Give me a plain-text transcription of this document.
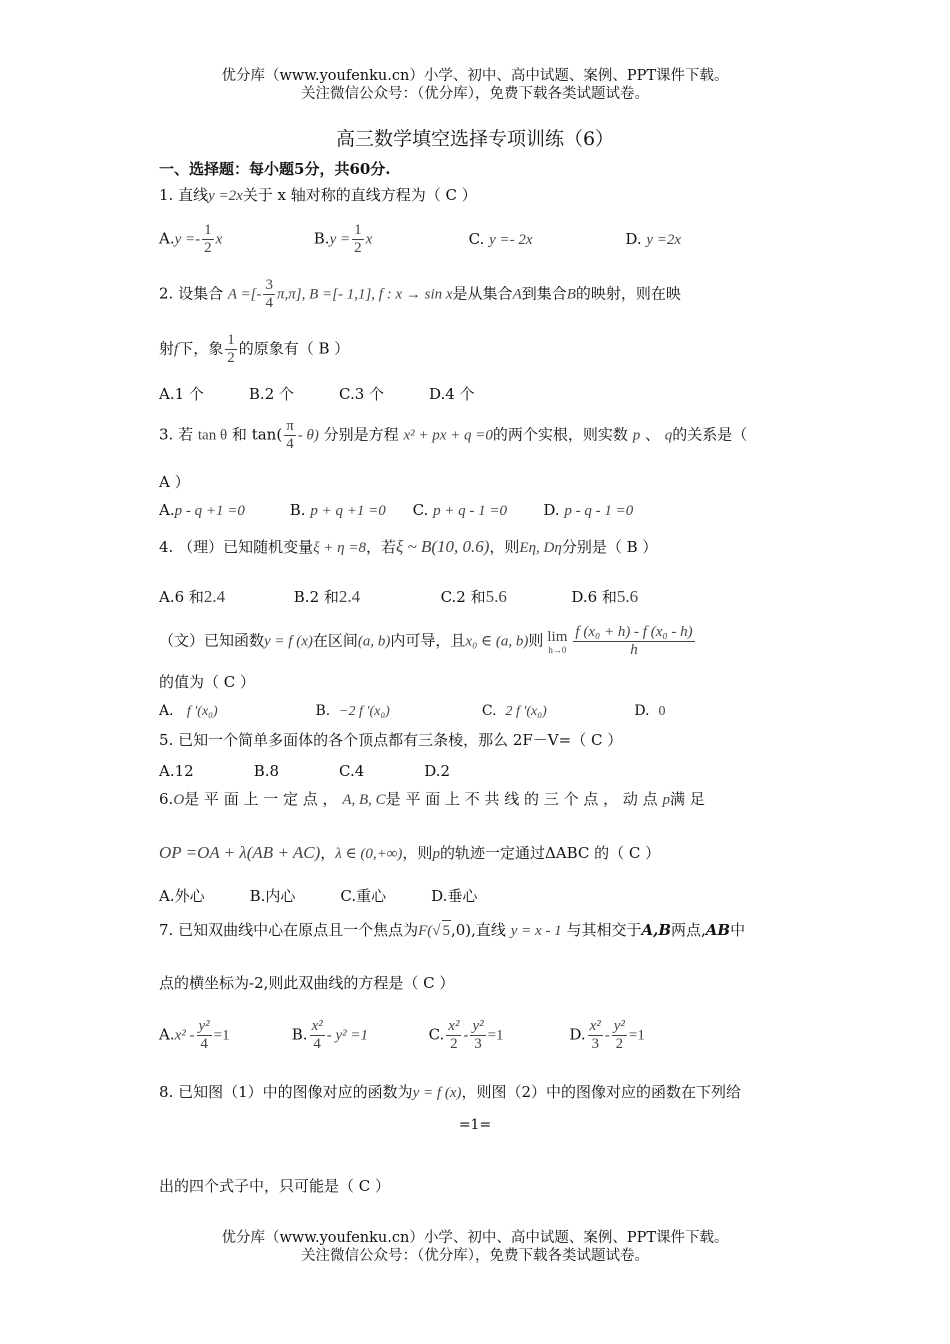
优分库（www.youfenku.cn）小学、初中、高中试题、案例、PPT课件下载。
关注微信公众号：（优分库），免费下载各类试题试卷。
高三数学填空选择专项训练（6）
一、选择题：每小题5分，共60分.
1. 直线y =2x关于 x 轴对称的直线方程为（ C ）
$A.y =- \frac{1}{2}$ x	$B.y = \frac{1}{2}$ x	C. y =- 2x	D. y =2x
2. 设集合 A =[- $\frac{3}{4} \pi,\pi$], B =[- 1,1], f : x → sin x是从集合A到集合B的映射，则在映
射f下，象 $\frac{1}{2}$ 的原象有（ B ）
A.1 个　　　B.2 个　　　C.3 个　　　D.4 个
3. 若 tan θ 和 $\tan( \frac{\pi}{4} - \theta)$ 分别是方程 x² + px + q =0的两个实根，则实数 p 、 q的关系是（
A ）
A.p - q +1 =0	B. p + q +1 =0 C. p + q - 1 =0 D. p - q - 1 =0
4. （理）已知随机变量ξ + η =8，若ξ ~ B(10, 0.6)，则Eη, Dη分别是（ B ）
A.6 和2.4	B.2 和2.4	C.2 和5.6	D.6 和5.6
（文）已知函数y = f (x)在区间(a, b)内可导，且x₀ ∈ (a, b)则 lim
$h\to 0 \frac{\text{f (x₀ + h) - f (x₀ - h)}}{h}$
的值为（ C ）
A. f '(x₀)	B. −2 f '(x₀)	C. 2 f '(x₀)	D. 0
5. 已知一个简单多面体的各个顶点都有三条棱，那么 2F－V=（ C ）
A.12　　　　B.8　　　　C.4　　　　D.2
6.O是 平 面 上 一 定 点 ， A, B, C是 平 面 上 不 共 线 的 三 个 点 ， 动 点 p满 足
OP =OA + λ(AB + AC)，λ ∈ (0,+∞)，则p的轨迹一定通过ΔABC 的（ C ）
A.外心　　　B.内心　　　C.重心　　　D.垂心
7. 已知双曲线中心在原点且一个焦点为F(√ 5,0),直线 y = x - 1 与其相交于A,B两点,AB中
点的横坐标为-2,则此双曲线的方程是（ C ）
$A.x^2 - \frac{\text{y²}}{4} =1$	B. $\frac{\text{x²}}{4} - y^2 =1$	C. $\frac{\text{x²}}{2} - \frac{\text{y²}}{3} =1$	D. $\frac{\text{x²}}{3} - \frac{\text{y²}}{2} =1$
8. 已知图（1）中的图像对应的函数为y = f (x)，则图（2）中的图像对应的函数在下列给
=1=
出的四个式子中，只可能是（ C ）
优分库（www.youfenku.cn）小学、初中、高中试题、案例、PPT课件下载。
关注微信公众号：（优分库），免费下载各类试题试卷。
